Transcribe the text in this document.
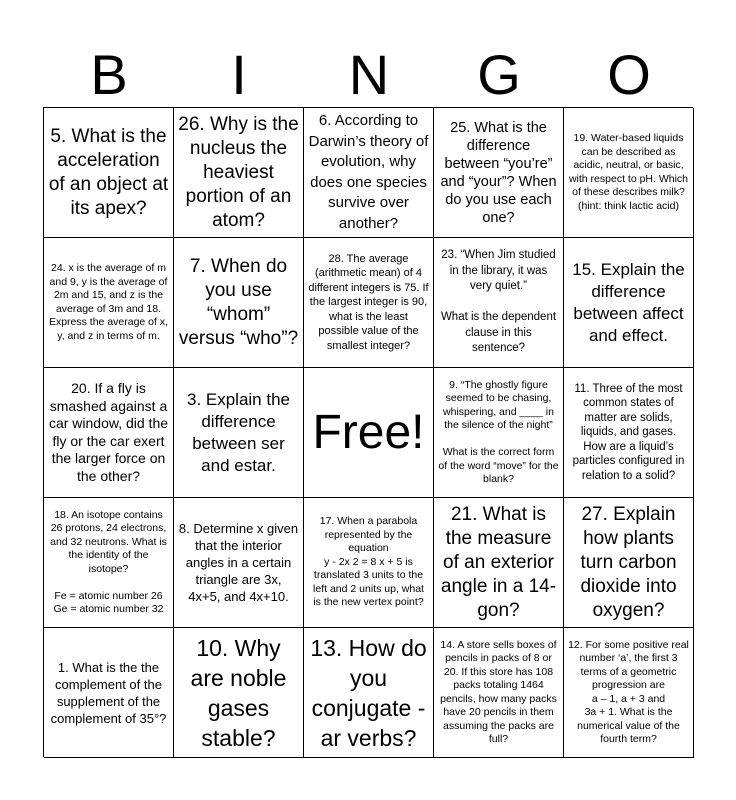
B	I	N	G	O
5. What is the acceleration of an object at its apex?
26. Why is the nucleus the heaviest portion of an atom?
6. According to Darwin’s theory of evolution, why does one species survive over another?
25. What is the difference between “you’re” and “your”? When do you use each one?
19. Water-based liquids can be described as acidic, neutral, or basic, with respect to pH. Which of these describes milk? (hint: think lactic acid)
24. x is the average of m and 9, y is the average of 2m and 15, and z is the average of 3m and 18. Express the average of x, y, and z in terms of m.
7. When do you use “whom” versus “who”?
28. The average (arithmetic mean) of 4 different integers is 75. If the largest integer is 90, what is the least possible value of the smallest integer?
23. “When Jim studied in the library, it was very quiet.”

What is the dependent clause in this sentence?
15. Explain the difference between affect and effect.
20. If a fly is smashed against a car window, did the fly or the car exert the larger force on the other?
3. Explain the difference between ser and estar.
Free!
9. “The ghostly figure seemed to be chasing, whispering, and ____ in the silence of the night”

What is the correct form of the word “move” for the blank?
11. Three of the most common states of matter are solids, liquids, and gases. How are a liquid’s particles configured in relation to a solid?
18. An isotope contains 26 protons, 24 electrons, and 32 neutrons. What is the identity of the isotope?

Fe = atomic number 26
Ge = atomic number 32
8. Determine x given that the interior angles in a certain triangle are 3x, 4x+5, and 4x+10.
17. When a parabola represented by the equation
y - 2x 2 = 8 x + 5 is translated 3 units to the left and 2 units up, what is the new vertex point?
21. What is the measure of an exterior angle in a 14-gon?
27. Explain how plants turn carbon dioxide into oxygen?
1. What is the the complement of the supplement of the complement of 35°?
10. Why are noble gases stable?
13. How do you conjugate -ar verbs?
14. A store sells boxes of pencils in packs of 8 or 20. If this store has 108 packs totaling 1464 pencils, how many packs have 20 pencils in them assuming the packs are full?
12. For some positive real number ‘a’, the first 3 terms of a geometric progression are
a – 1, a + 3 and
3a + 1. What is the numerical value of the fourth term?
